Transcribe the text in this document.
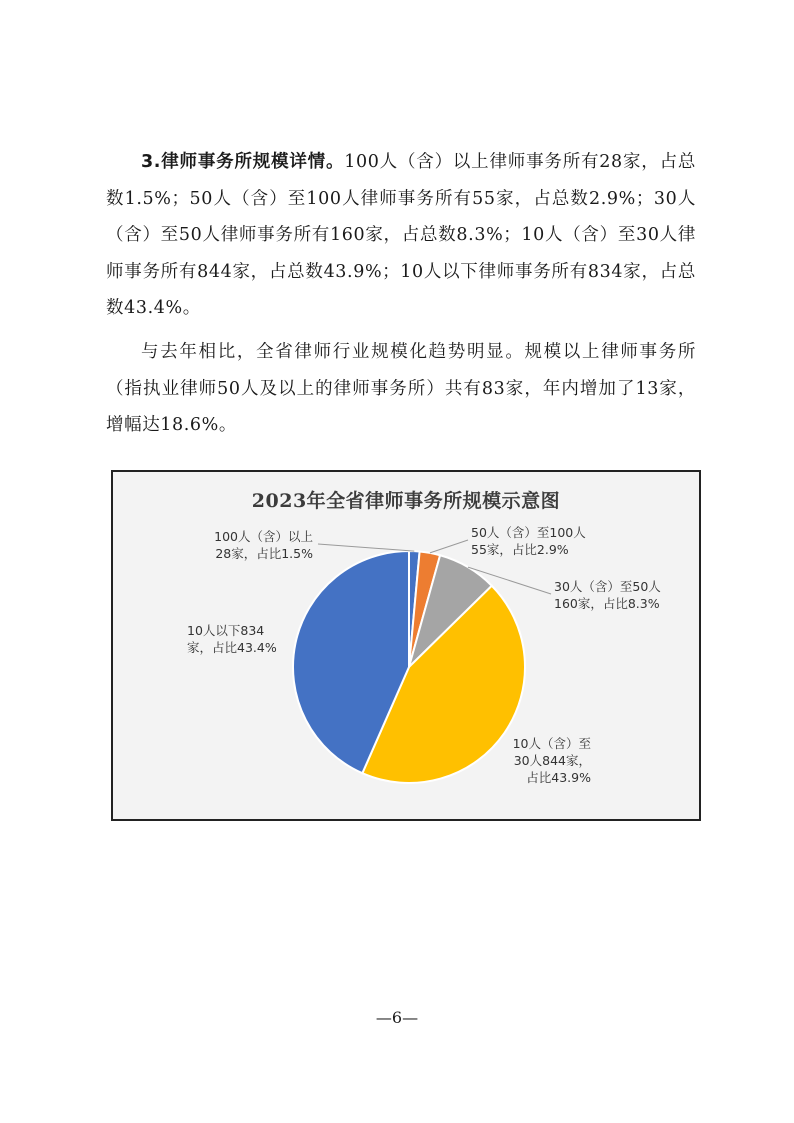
3.律师事务所规模详情。100人（含）以上律师事务所有28家，占总数1.5%；50人（含）至100人律师事务所有55家，占总数2.9%；30人（含）至50人律师事务所有160家，占总数8.3%；10人（含）至30人律师事务所有844家，占总数43.9%；10人以下律师事务所有834家，占总数43.4%。

与去年相比，全省律师行业规模化趋势明显。规模以上律师事务所（指执业律师50人及以上的律师事务所）共有83家，年内增加了13家，增幅达18.6%。

2023年全省律师事务所规模示意图
100人（含）以上
28家，占比1.5%
50人（含）至100人
55家，占比2.9%
30人（含）至50人
160家，占比8.3%
10人（含）至
30人844家，
占比43.9%
10人以下834
家，占比43.4%
—6—
